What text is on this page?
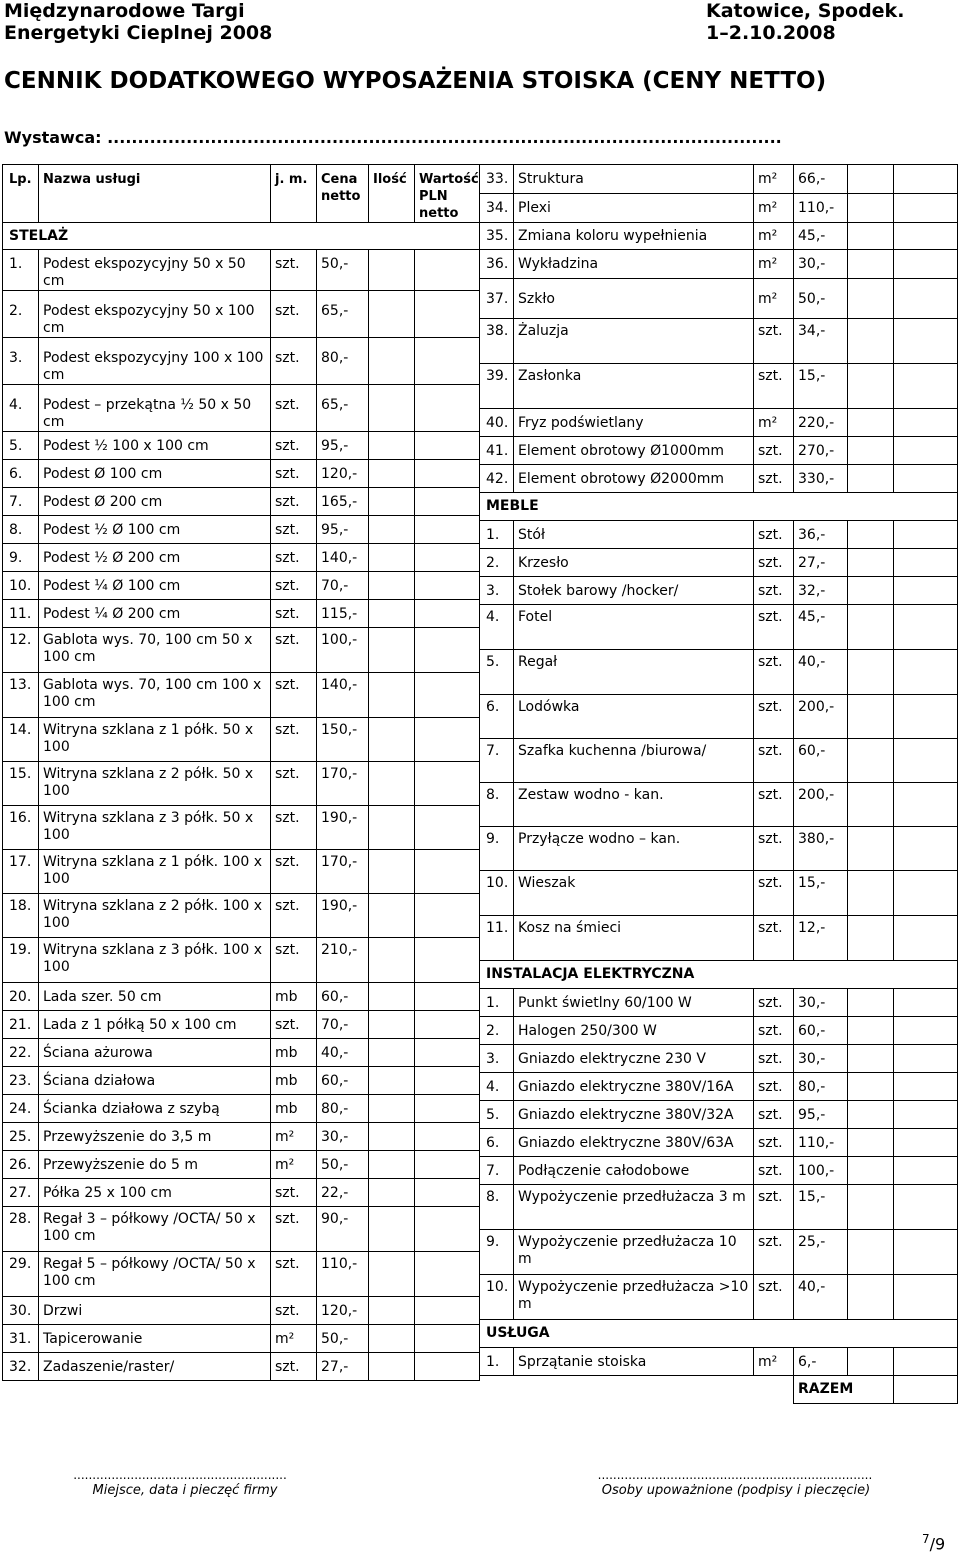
Międzynarodowe Targi
Energetyki Cieplnej 2008
Katowice, Spodek.
1–2.10.2008
CENNIK DODATKOWEGO WYPOSAŻENIA STOISKA (CENY NETTO)
Wystawca: ...............................................................................................................
Lp.	Nazwa usługi	j. m.	Cena netto	Ilość	Wartość PLN netto
STELAŻ					
1.	Podest ekspozycyjny 50 x 50 cm	szt.	50,-		
2.	Podest ekspozycyjny 50 x 100 cm	szt.	65,-		
3.	Podest ekspozycyjny 100 x 100 cm	szt.	80,-		
4.	Podest – przekątna ½ 50 x 50 cm	szt.	65,-		
5.	Podest ½ 100 x 100 cm	szt.	95,-		
6.	Podest Ø 100 cm	szt.	120,-		
7.	Podest Ø 200 cm	szt.	165,-		
8.	Podest ½ Ø 100 cm	szt.	95,-		
9.	Podest ½ Ø 200 cm	szt.	140,-		
10.	Podest ¼ Ø 100 cm	szt.	70,-		
11.	Podest ¼ Ø 200 cm	szt.	115,-		
12.	Gablota wys. 70, 100 cm 50 x 100 cm	szt.	100,-		
13.	Gablota wys. 70, 100 cm 100 x 100 cm	szt.	140,-		
14.	Witryna szklana z 1 półk. 50 x 100	szt.	150,-		
15.	Witryna szklana z 2 półk. 50 x 100	szt.	170,-		
16.	Witryna szklana z 3 półk. 50 x 100	szt.	190,-		
17.	Witryna szklana z 1 półk. 100 x 100	szt.	170,-		
18.	Witryna szklana z 2 półk. 100 x 100	szt.	190,-		
19.	Witryna szklana z 3 półk. 100 x 100	szt.	210,-		
20.	Lada szer. 50 cm	mb	60,-		
21.	Lada z 1 półką 50 x 100 cm	szt.	70,-		
22.	Ściana ażurowa	mb	40,-		
23.	Ściana działowa	mb	60,-		
24.	Ścianka działowa z szybą	mb	80,-		
25.	Przewyższenie do 3,5 m	m²	30,-		
26.	Przewyższenie do 5 m	m²	50,-		
27.	Półka 25 x 100 cm	szt.	22,-		
28.	Regał 3 – półkowy /OCTA/ 50 x 100 cm	szt.	90,-		
29.	Regał 5 – półkowy /OCTA/ 50 x 100 cm	szt.	110,-		
30.	Drzwi	szt.	120,-		
31.	Tapicerowanie	m²	50,-		
32.	Zadaszenie/raster/	szt.	27,-		
33.	Struktura	m²	66,-		
34.	Plexi	m²	110,-		
35.	Zmiana koloru wypełnienia	m²	45,-		
36.	Wykładzina	m²	30,-		
37.	Szkło	m²	50,-		
38.	Żaluzja	szt.	34,-		
39.	Zasłonka	szt.	15,-		
40.	Fryz podświetlany	m²	220,-		
41.	Element obrotowy Ø1000mm	szt.	270,-		
42.	Element obrotowy Ø2000mm	szt.	330,-		
MEBLE					
1.	Stół	szt.	36,-		
2.	Krzesło	szt.	27,-		
3.	Stołek barowy /hocker/	szt.	32,-		
4.	Fotel	szt.	45,-		
5.	Regał	szt.	40,-		
6.	Lodówka	szt.	200,-		
7.	Szafka kuchenna /biurowa/	szt.	60,-		
8.	Zestaw wodno - kan.	szt.	200,-		
9.	Przyłącze wodno – kan.	szt.	380,-		
10.	Wieszak	szt.	15,-		
11.	Kosz na śmieci	szt.	12,-		
INSTALACJA ELEKTRYCZNA					
1.	Punkt świetlny 60/100 W	szt.	30,-		
2.	Halogen 250/300 W	szt.	60,-		
3.	Gniazdo elektryczne 230 V	szt.	30,-		
4.	Gniazdo elektryczne 380V/16A	szt.	80,-		
5.	Gniazdo elektryczne 380V/32A	szt.	95,-		
6.	Gniazdo elektryczne 380V/63A	szt.	110,-		
7.	Podłączenie całodobowe	szt.	100,-		
8.	Wypożyczenie przedłużacza 3 m	szt.	15,-		
9.	Wypożyczenie przedłużacza 10 m	szt.	25,-		
10.	Wypożyczenie przedłużacza >10 m	szt.	40,-		
USŁUGA					
1.	Sprzątanie stoiska	m²	6,-		
			RAZEM		
........................................................	........................................................................
Miejsce, data i pieczęć firmy	Osoby upoważnione (podpisy i pieczęcie)
$^7$/9
